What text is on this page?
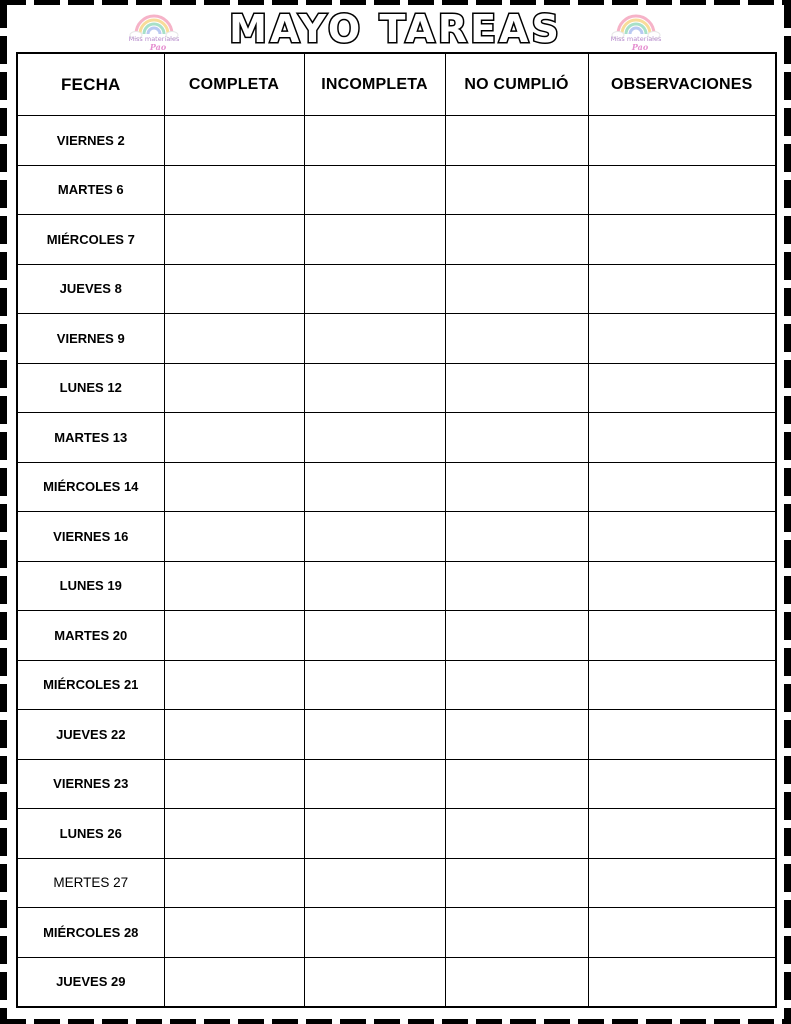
Miss materiales
Pao
Miss materiales
Pao
MAYO TAREAS
FECHA	COMPLETA	INCOMPLETA	NO CUMPLIÓ	OBSERVACIONES
VIERNES 2				
MARTES 6				
MIÉRCOLES 7				
JUEVES 8				
VIERNES 9				
LUNES 12				
MARTES 13				
MIÉRCOLES 14				
VIERNES 16				
LUNES 19				
MARTES 20				
MIÉRCOLES 21				
JUEVES 22				
VIERNES 23				
LUNES 26				
MERTES 27				
MIÉRCOLES 28				
JUEVES 29				
